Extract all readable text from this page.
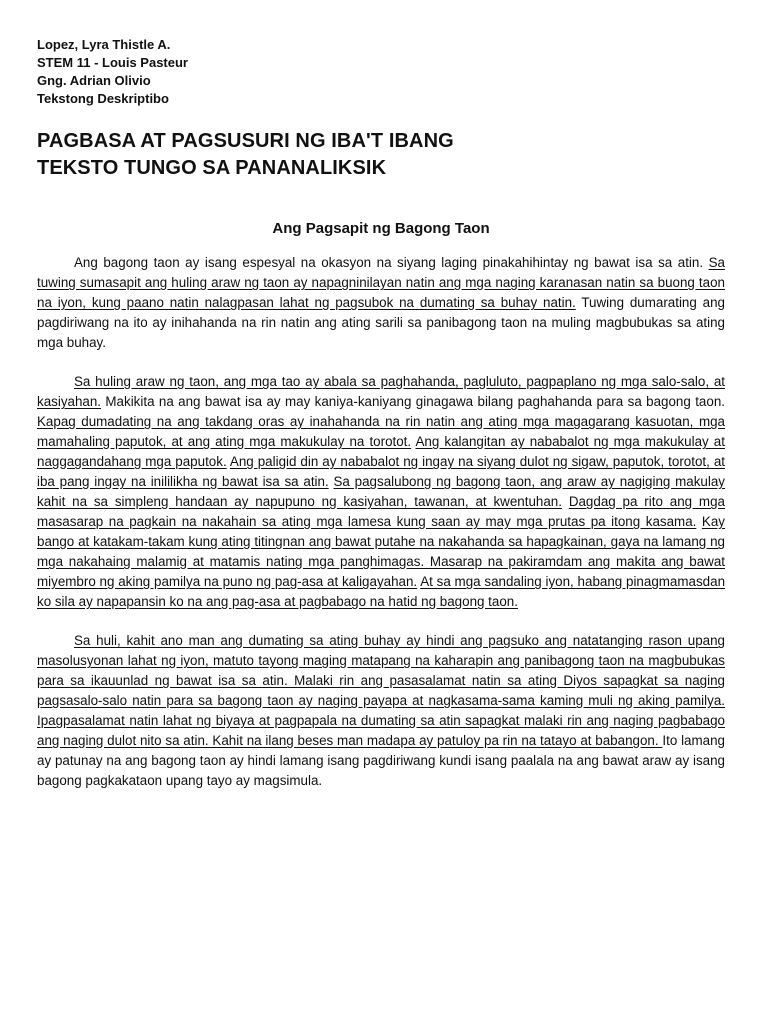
Lopez, Lyra Thistle A.
STEM 11 - Louis Pasteur
Gng. Adrian Olivio
Tekstong Deskriptibo
PAGBASA AT PAGSUSURI NG IBA'T IBANG
TEKSTO TUNGO SA PANANALIKSIK
Ang Pagsapit ng Bagong Taon

Ang bagong taon ay isang espesyal na okasyon na siyang laging pinakahihintay ng bawat isa sa atin. Sa tuwing sumasapit ang huling araw ng taon ay napagninilayan natin ang mga naging karanasan natin sa buong taon na iyon, kung paano natin nalagpasan lahat ng pagsubok na dumating sa buhay natin. Tuwing dumarating ang pagdiriwang na ito ay inihahanda na rin natin ang ating sarili sa panibagong taon na muling magbubukas sa ating mga buhay.

Sa huling araw ng taon, ang mga tao ay abala sa paghahanda, pagluluto, pagpaplano ng mga salo-salo, at kasiyahan. Makikita na ang bawat isa ay may kaniya-kaniyang ginagawa bilang paghahanda para sa bagong taon. Kapag dumadating na ang takdang oras ay inahahanda na rin natin ang ating mga magagarang kasuotan, mga mamahaling paputok, at ang ating mga makukulay na torotot. Ang kalangitan ay nababalot ng mga makukulay at naggagandahang mga paputok. Ang paligid din ay nababalot ng ingay na siyang dulot ng sigaw, paputok, torotot, at iba pang ingay na inililikha ng bawat isa sa atin. Sa pagsalubong ng bagong taon, ang araw ay nagiging makulay kahit na sa simpleng handaan ay napupuno ng kasiyahan, tawanan, at kwentuhan. Dagdag pa rito ang mga masasarap na pagkain na nakahain sa ating mga lamesa kung saan ay may mga prutas pa itong kasama. Kay bango at katakam-takam kung ating titingnan ang bawat putahe na nakahanda sa hapagkainan, gaya na lamang ng mga nakahaing malamig at matamis nating mga panghimagas. Masarap na pakiramdam ang makita ang bawat miyembro ng aking pamilya na puno ng pag-asa at kaligayahan. At sa mga sandaling iyon, habang pinagmamasdan ko sila ay napapansin ko na ang pag-asa at pagbabago na hatid ng bagong taon.

Sa huli, kahit ano man ang dumating sa ating buhay ay hindi ang pagsuko ang natatanging rason upang masolusyonan lahat ng iyon, matuto tayong maging matapang na kaharapin ang panibagong taon na magbubukas para sa ikauunlad ng bawat isa sa atin. Malaki rin ang pasasalamat natin sa ating Diyos sapagkat sa naging pagsasalo-salo natin para sa bagong taon ay naging payapa at nagkasama-sama kaming muli ng aking pamilya. Ipagpasalamat natin lahat ng biyaya at pagpapala na dumating sa atin sapagkat malaki rin ang naging pagbabago ang naging dulot nito sa atin. Kahit na ilang beses man madapa ay patuloy pa rin na tatayo at babangon. Ito lamang ay patunay na ang bagong taon ay hindi lamang isang pagdiriwang kundi isang paalala na ang bawat araw ay isang bagong pagkakataon upang tayo ay magsimula.
